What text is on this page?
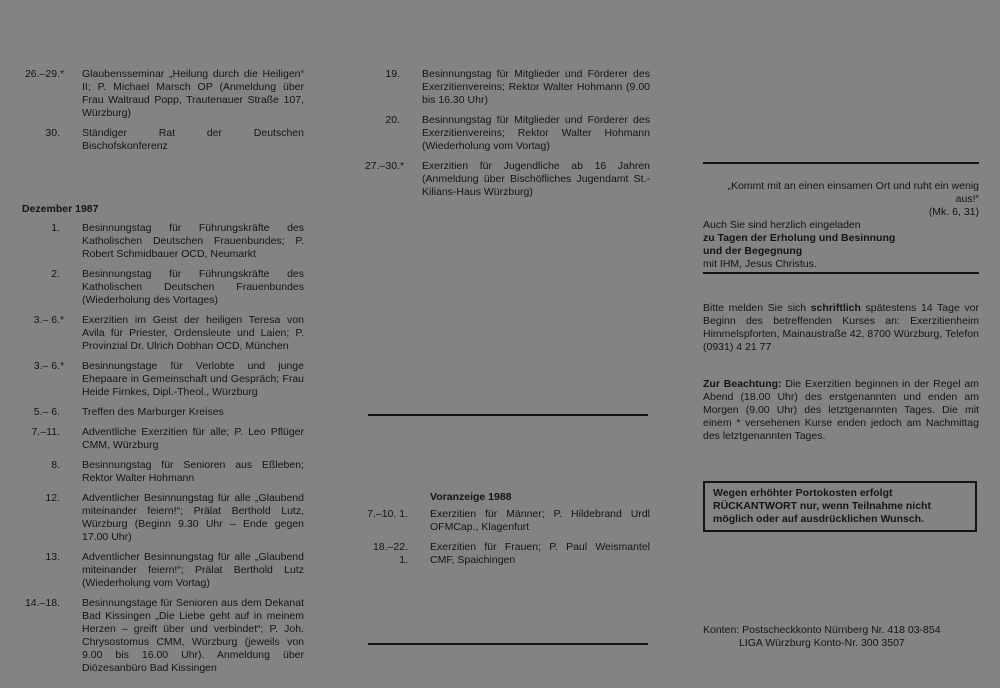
26.–29. * Glaubensseminar „Heilung durch die Heiligen“ II; P. Michael Marsch OP (Anmeldung über Frau Waltraud Popp, Trautenauer Straße 107, Würzburg)
30. Ständiger Rat der Deutschen Bischofskonferenz
Dezember 1987
1. Besinnungstag für Führungskräfte des Katholischen Deutschen Frauenbundes; P. Robert Schmidbauer OCD, Neumarkt
2. Besinnungstag für Führungskräfte des Katholischen Deutschen Frauenbundes (Wiederholung des Vortages)
3.– 6. * Exerzitien im Geist der heiligen Teresa von Avila für Priester, Ordensleute und Laien; P. Provinzial Dr. Ulrich Dobhan OCD, München
3.– 6. * Besinnungstage für Verlobte und junge Ehepaare in Gemeinschaft und Gespräch; Frau Heide Firnkes, Dipl.-Theol., Würzburg
5.– 6. Treffen des Marburger Kreises
7.–11. Adventliche Exerzitien für alle; P. Leo Pflüger CMM, Würzburg
8. Besinnungstag für Senioren aus Eßleben; Rektor Walter Hohmann
12. Adventlicher Besinnungstag für alle „Glaubend miteinander feiern!“; Prälat Berthold Lutz, Würzburg (Beginn 9.30 Uhr – Ende gegen 17.00 Uhr)
13. Adventlicher Besinnungstag für alle „Glaubend miteinander feiern!“; Prälat Berthold Lutz (Wiederholung vom Vortag)
14.–18. Besinnungstage für Senioren aus dem Dekanat Bad Kissingen „Die Liebe geht auf in meinem Herzen – greift über und verbindet“; P. Joh. Chrysostomus CMM, Würzburg (jeweils von 9.00 bis 16.00 Uhr). Anmeldung über Diözesanbüro Bad Kissingen
19. Besinnungstag für Mitglieder und Förderer des Exerzitienvereins; Rektor Walter Hohmann (9.00 bis 16.30 Uhr)
20. Besinnungstag für Mitglieder und Förderer des Exerzitienvereins; Rektor Walter Hohmann (Wiederholung vom Vortag)
27.–30. * Exerzitien für Jugendliche ab 16 Jahren (Anmeldung über Bischöfliches Jugendamt St.-Kilians-Haus Würzburg)
Voranzeige 1988
7.–10. 1. Exerzitien für Männer; P. Hildebrand Urdl OFMCap., Klagenfurt
18.–22. 1.
Exerzitien für Frauen; P. Paul Weismantel CMF, Spaichingen
„Kommt mit an einen einsamen Ort und ruht ein wenig aus!“
(Mk. 6, 31)
Auch Sie sind herzlich eingeladen
zu Tagen der Erholung und Besinnung
und der Begegnung
mit IHM, Jesus Christus.
Bitte melden Sie sich schriftlich spätestens 14 Tage vor Beginn des betreffenden Kurses an: Exerzitienheim Himmelspforten, Mainaustraße 42, 8700 Würzburg, Telefon (0931) 4 21 77
Zur Beachtung: Die Exerzitien beginnen in der Regel am Abend (18.00 Uhr) des erstgenannten und enden am Morgen (9.00 Uhr) des letztgenannten Tages. Die mit einem * versehenen Kurse enden jedoch am Nachmittag des letztgenannten Tages.
Wegen erhöhter Portokosten erfolgt RÜCKANTWORT nur, wenn Teilnahme nicht möglich oder auf ausdrücklichen Wunsch.
Konten: Postscheckkonto Nürnberg Nr. 418 03-854
LIGA Würzburg Konto-Nr. 300 3507
